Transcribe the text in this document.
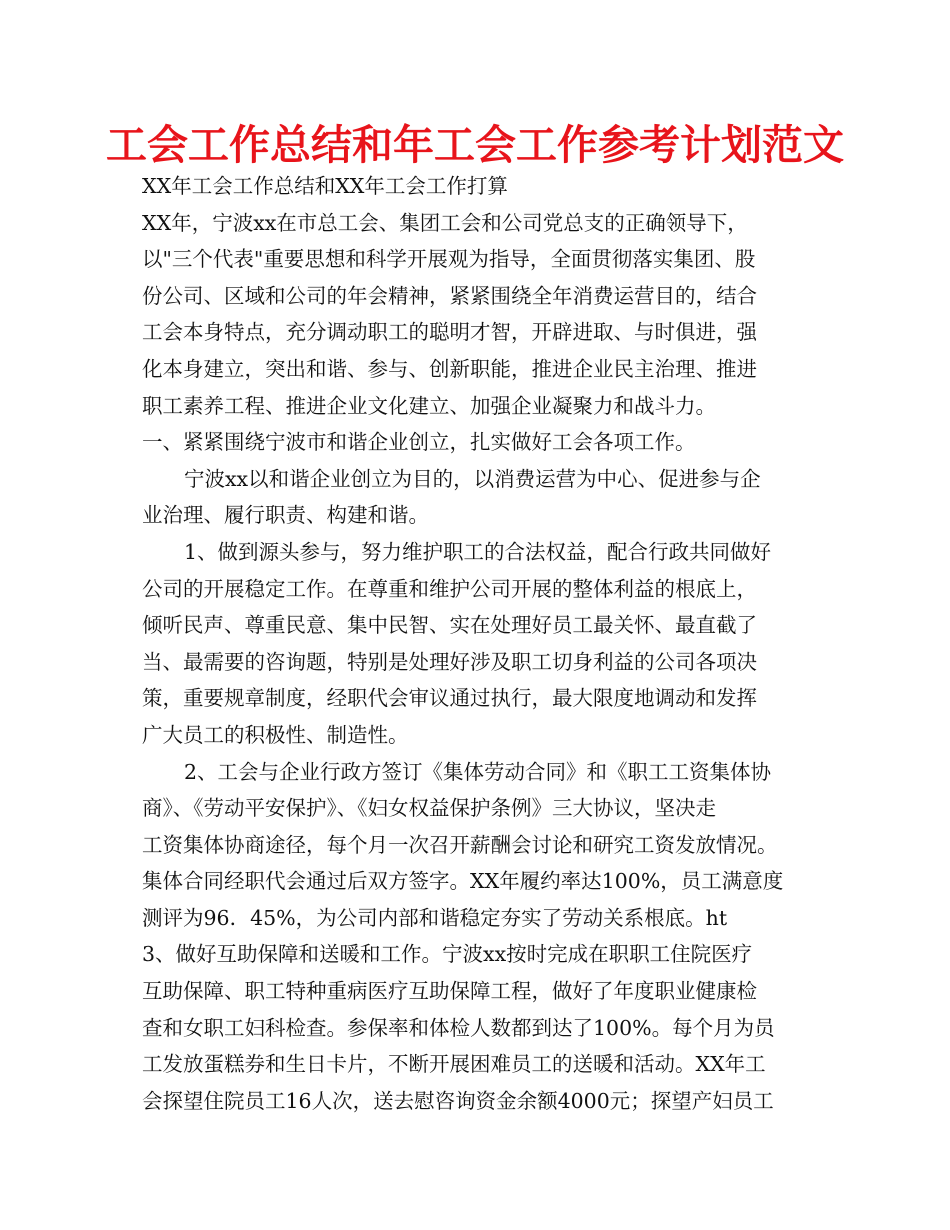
工会工作总结和年工会工作参考计划范文
XX年工会工作总结和XX年工会工作打算
XX年，宁波xx在市总工会、集团工会和公司党总支的正确领导下，
以"三个代表"重要思想和科学开展观为指导，全面贯彻落实集团、股
份公司、区域和公司的年会精神，紧紧围绕全年消费运营目的，结合
工会本身特点，充分调动职工的聪明才智，开辟进取、与时俱进，强
化本身建立，突出和谐、参与、创新职能，推进企业民主治理、推进
职工素养工程、推进企业文化建立、加强企业凝聚力和战斗力。
一、紧紧围绕宁波市和谐企业创立，扎实做好工会各项工作。
宁波xx以和谐企业创立为目的，以消费运营为中心、促进参与企
业治理、履行职责、构建和谐。
1、做到源头参与，努力维护职工的合法权益，配合行政共同做好
公司的开展稳定工作。在尊重和维护公司开展的整体利益的根底上，
倾听民声、尊重民意、集中民智、实在处理好员工最关怀、最直截了
当、最需要的咨询题，特别是处理好涉及职工切身利益的公司各项决
策，重要规章制度，经职代会审议通过执行，最大限度地调动和发挥
广大员工的积极性、制造性。
2、工会与企业行政方签订《集体劳动合同》和《职工工资集体协
商》、《劳动平安保护》、《妇女权益保护条例》三大协议，坚决走
工资集体协商途径，每个月一次召开薪酬会讨论和研究工资发放情况。
集体合同经职代会通过后双方签字。XX年履约率达100%，员工满意度
测评为96．45%，为公司内部和谐稳定夯实了劳动关系根底。ht
3、做好互助保障和送暖和工作。宁波xx按时完成在职职工住院医疗
互助保障、职工特种重病医疗互助保障工程，做好了年度职业健康检
查和女职工妇科检查。参保率和体检人数都到达了100%。每个月为员
工发放蛋糕券和生日卡片，不断开展困难员工的送暖和活动。XX年工
会探望住院员工16人次，送去慰咨询资金余额4000元；探望产妇员工
